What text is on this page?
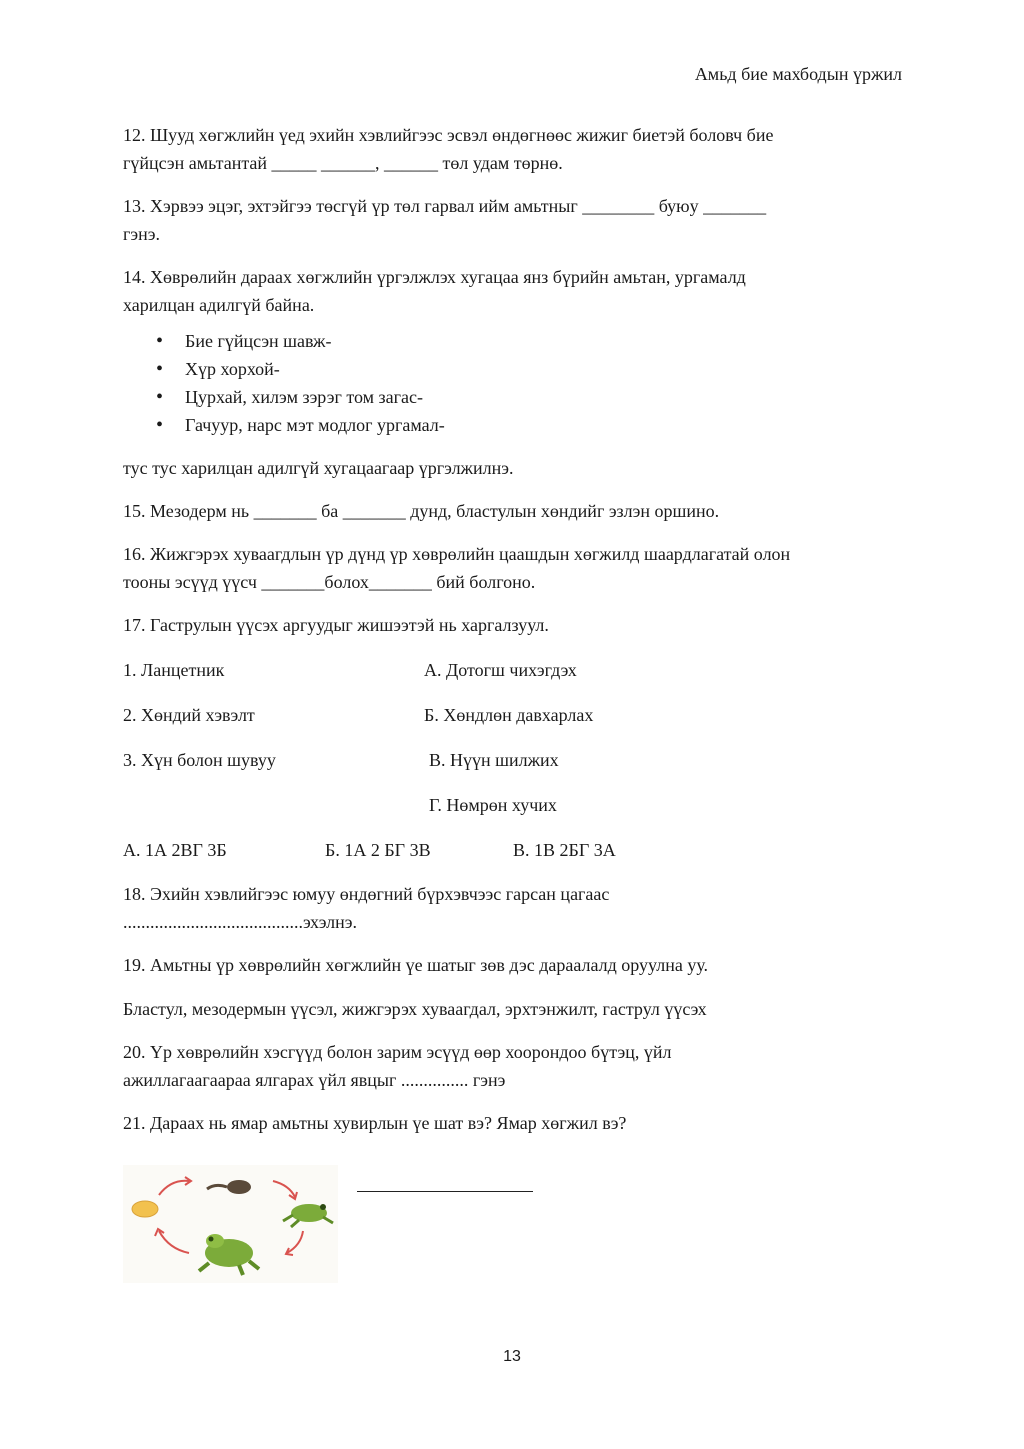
Амьд бие махбодын үржил

12. Шууд хөгжлийн үед эхийн хэвлийгээс эсвэл өндөгнөөс жижиг биетэй боловч бие

гүйцсэн амьтантай _____ ______, ______ төл удам төрнө.

13. Хэрвээ эцэг, эхтэйгээ төсгүй үр төл гарвал ийм амьтныг ________ буюу _______

гэнэ.

14. Хөврөлийн дараах хөгжлийн үргэлжлэх хугацаа янз бүрийн амьтан, ургамалд

харилцан адилгүй байна.

• Бие гүйцсэн шавж-
• Хүр хорхой-
• Цурхай, хилэм зэрэг том загас-
• Гачуур, нарс мэт модлог ургамал-

тус тус харилцан адилгүй хугацаагаар үргэлжилнэ.

15. Мезодерм нь _______ ба _______ дунд, бластулын хөндийг эзлэн оршино.

16. Жижгэрэх хуваагдлын үр дүнд үр хөврөлийн цаашдын хөгжилд шаардлагатай олон

тооны эсүүд үүсч _______болох_______ бий болгоно.

17. Гаструлын үүсэх аргуудыг жишээтэй нь харгалзуул.

1. Ланцетник	А. Дотогш чихэгдэх
2. Хөндий хэвэлт	Б. Хөндлөн давхарлах
3. Хүн болон шувуу	В. Нүүн шилжих
Г. Нөмрөн хучих
А. 1А 2ВГ 3Б	Б. 1А 2 БГ 3В	В. 1В 2БГ 3А

18. Эхийн хэвлийгээс юмуу өндөгний бүрхэвчээс гарсан цагаас

........................................эхэлнэ.

19. Амьтны үр хөврөлийн хөгжлийн үе шатыг зөв дэс дараалалд оруулна уу.

Бластул, мезодермын үүсэл, жижгэрэх хуваагдал, эрхтэнжилт, гаструл үүсэх

20. Үр хөврөлийн хэсгүүд болон зарим эсүүд өөр хоорондоо бүтэц, үйл

ажиллагаагаараа ялгарах үйл явцыг ............... гэнэ

21. Дараах нь ямар амьтны хувирлын үе шат вэ? Ямар хөгжил вэ?

13
